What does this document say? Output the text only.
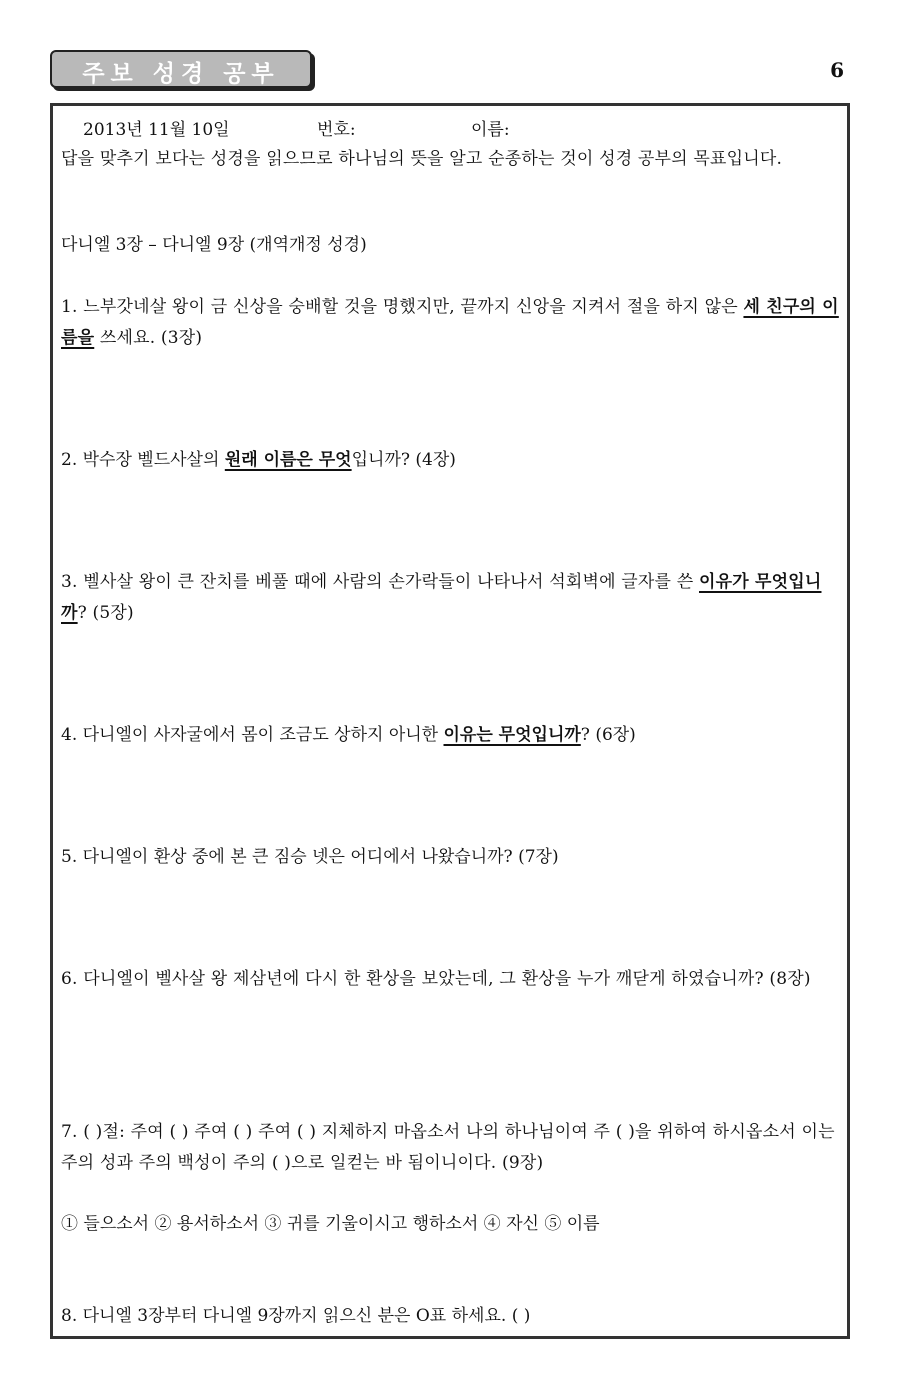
주보 성경 공부	6
2013년 11월 10일	번호:	이름:
답을 맞추기 보다는 성경을 읽으므로 하나님의 뜻을 알고 순종하는 것이 성경 공부의 목표입니다.
다니엘 3장 – 다니엘 9장 (개역개정 성경)
1. 느부갓네살 왕이 금 신상을 숭배할 것을 명했지만, 끝까지 신앙을 지켜서 절을 하지 않은 세 친구의 이름을 쓰세요. (3장)
2. 박수장 벨드사살의 원래 이름은 무엇입니까? (4장)
3. 벨사살 왕이 큰 잔치를 베풀 때에 사람의 손가락들이 나타나서 석회벽에 글자를 쓴 이유가 무엇입니까? (5장)
4. 다니엘이 사자굴에서 몸이 조금도 상하지 아니한 이유는 무엇입니까? (6장)
5. 다니엘이 환상 중에 본 큰 짐승 넷은 어디에서 나왔습니까? (7장)
6. 다니엘이 벨사살 왕 제삼년에 다시 한 환상을 보았는데, 그 환상을 누가 깨닫게 하였습니까? (8장)
7. ( )절: 주여 ( ) 주여 ( ) 주여 ( ) 지체하지 마옵소서 나의 하나님이여 주 ( )을 위하여 하시옵소서 이는 주의 성과 주의 백성이 주의 ( )으로 일컫는 바 됨이니이다. (9장)
① 들으소서 ② 용서하소서 ③ 귀를 기울이시고 행하소서 ④ 자신 ⑤ 이름
8. 다니엘 3장부터 다니엘 9장까지 읽으신 분은 O표 하세요. ( )
